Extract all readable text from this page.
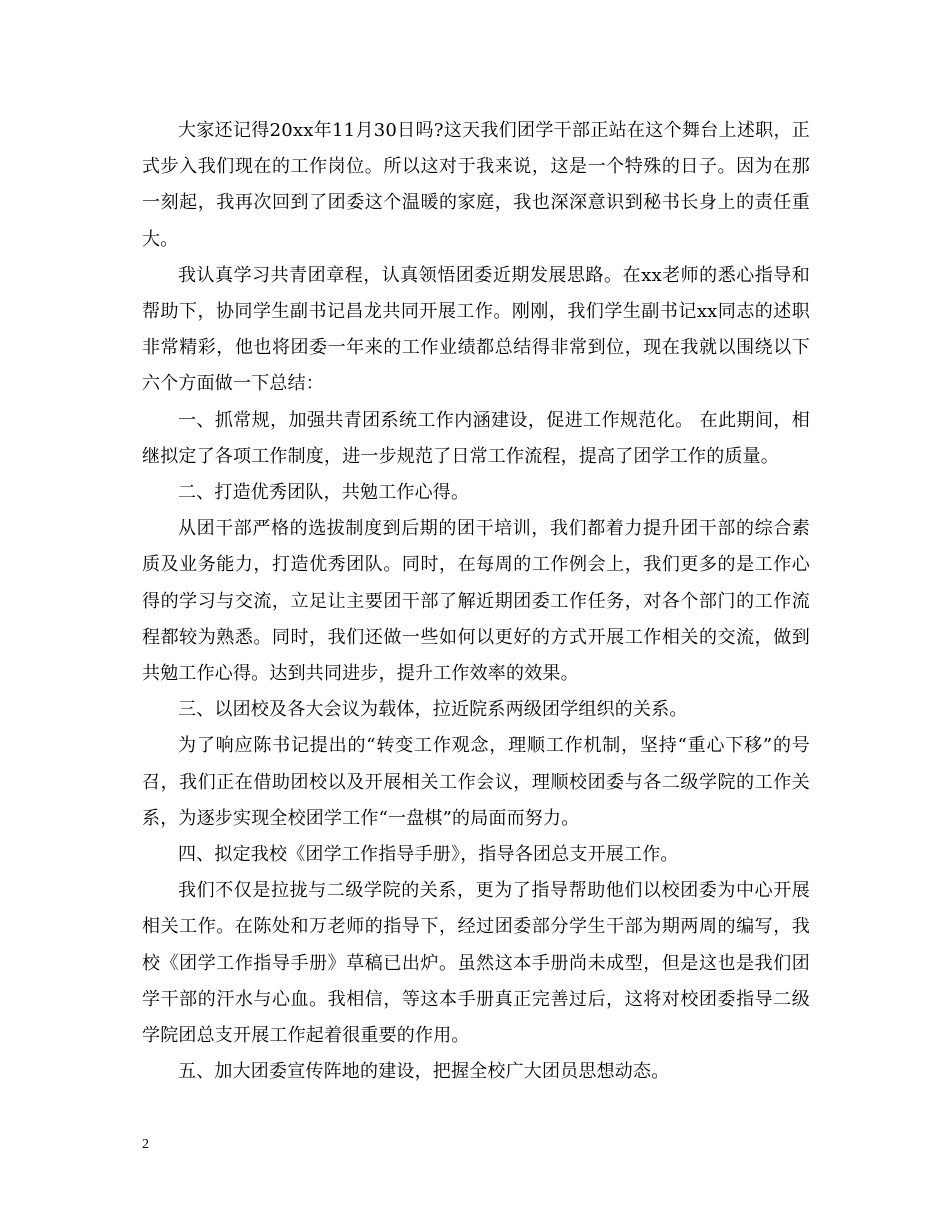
大家还记得20xx年11月30日吗?这天我们团学干部正站在这个舞台上述职，正式步入我们现在的工作岗位。所以这对于我来说，这是一个特殊的日子。因为在那一刻起，我再次回到了团委这个温暖的家庭，我也深深意识到秘书长身上的责任重大。

我认真学习共青团章程，认真领悟团委近期发展思路。在xx老师的悉心指导和帮助下，协同学生副书记昌龙共同开展工作。刚刚，我们学生副书记xx同志的述职非常精彩，他也将团委一年来的工作业绩都总结得非常到位，现在我就以围绕以下六个方面做一下总结：

一、抓常规，加强共青团系统工作内涵建设，促进工作规范化。 在此期间，相继拟定了各项工作制度，进一步规范了日常工作流程，提高了团学工作的质量。

二、打造优秀团队，共勉工作心得。

从团干部严格的选拔制度到后期的团干培训，我们都着力提升团干部的综合素质及业务能力，打造优秀团队。同时，在每周的工作例会上，我们更多的是工作心得的学习与交流，立足让主要团干部了解近期团委工作任务，对各个部门的工作流程都较为熟悉。同时，我们还做一些如何以更好的方式开展工作相关的交流，做到共勉工作心得。达到共同进步，提升工作效率的效果。

三、以团校及各大会议为载体，拉近院系两级团学组织的关系。

为了响应陈书记提出的“转变工作观念，理顺工作机制，坚持“重心下移”的号召，我们正在借助团校以及开展相关工作会议，理顺校团委与各二级学院的工作关系，为逐步实现全校团学工作“一盘棋”的局面而努力。

四、拟定我校《团学工作指导手册》，指导各团总支开展工作。

我们不仅是拉拢与二级学院的关系，更为了指导帮助他们以校团委为中心开展相关工作。在陈处和万老师的指导下，经过团委部分学生干部为期两周的编写，我校《团学工作指导手册》草稿已出炉。虽然这本手册尚未成型，但是这也是我们团学干部的汗水与心血。我相信，等这本手册真正完善过后，这将对校团委指导二级学院团总支开展工作起着很重要的作用。

五、加大团委宣传阵地的建设，把握全校广大团员思想动态。

2
